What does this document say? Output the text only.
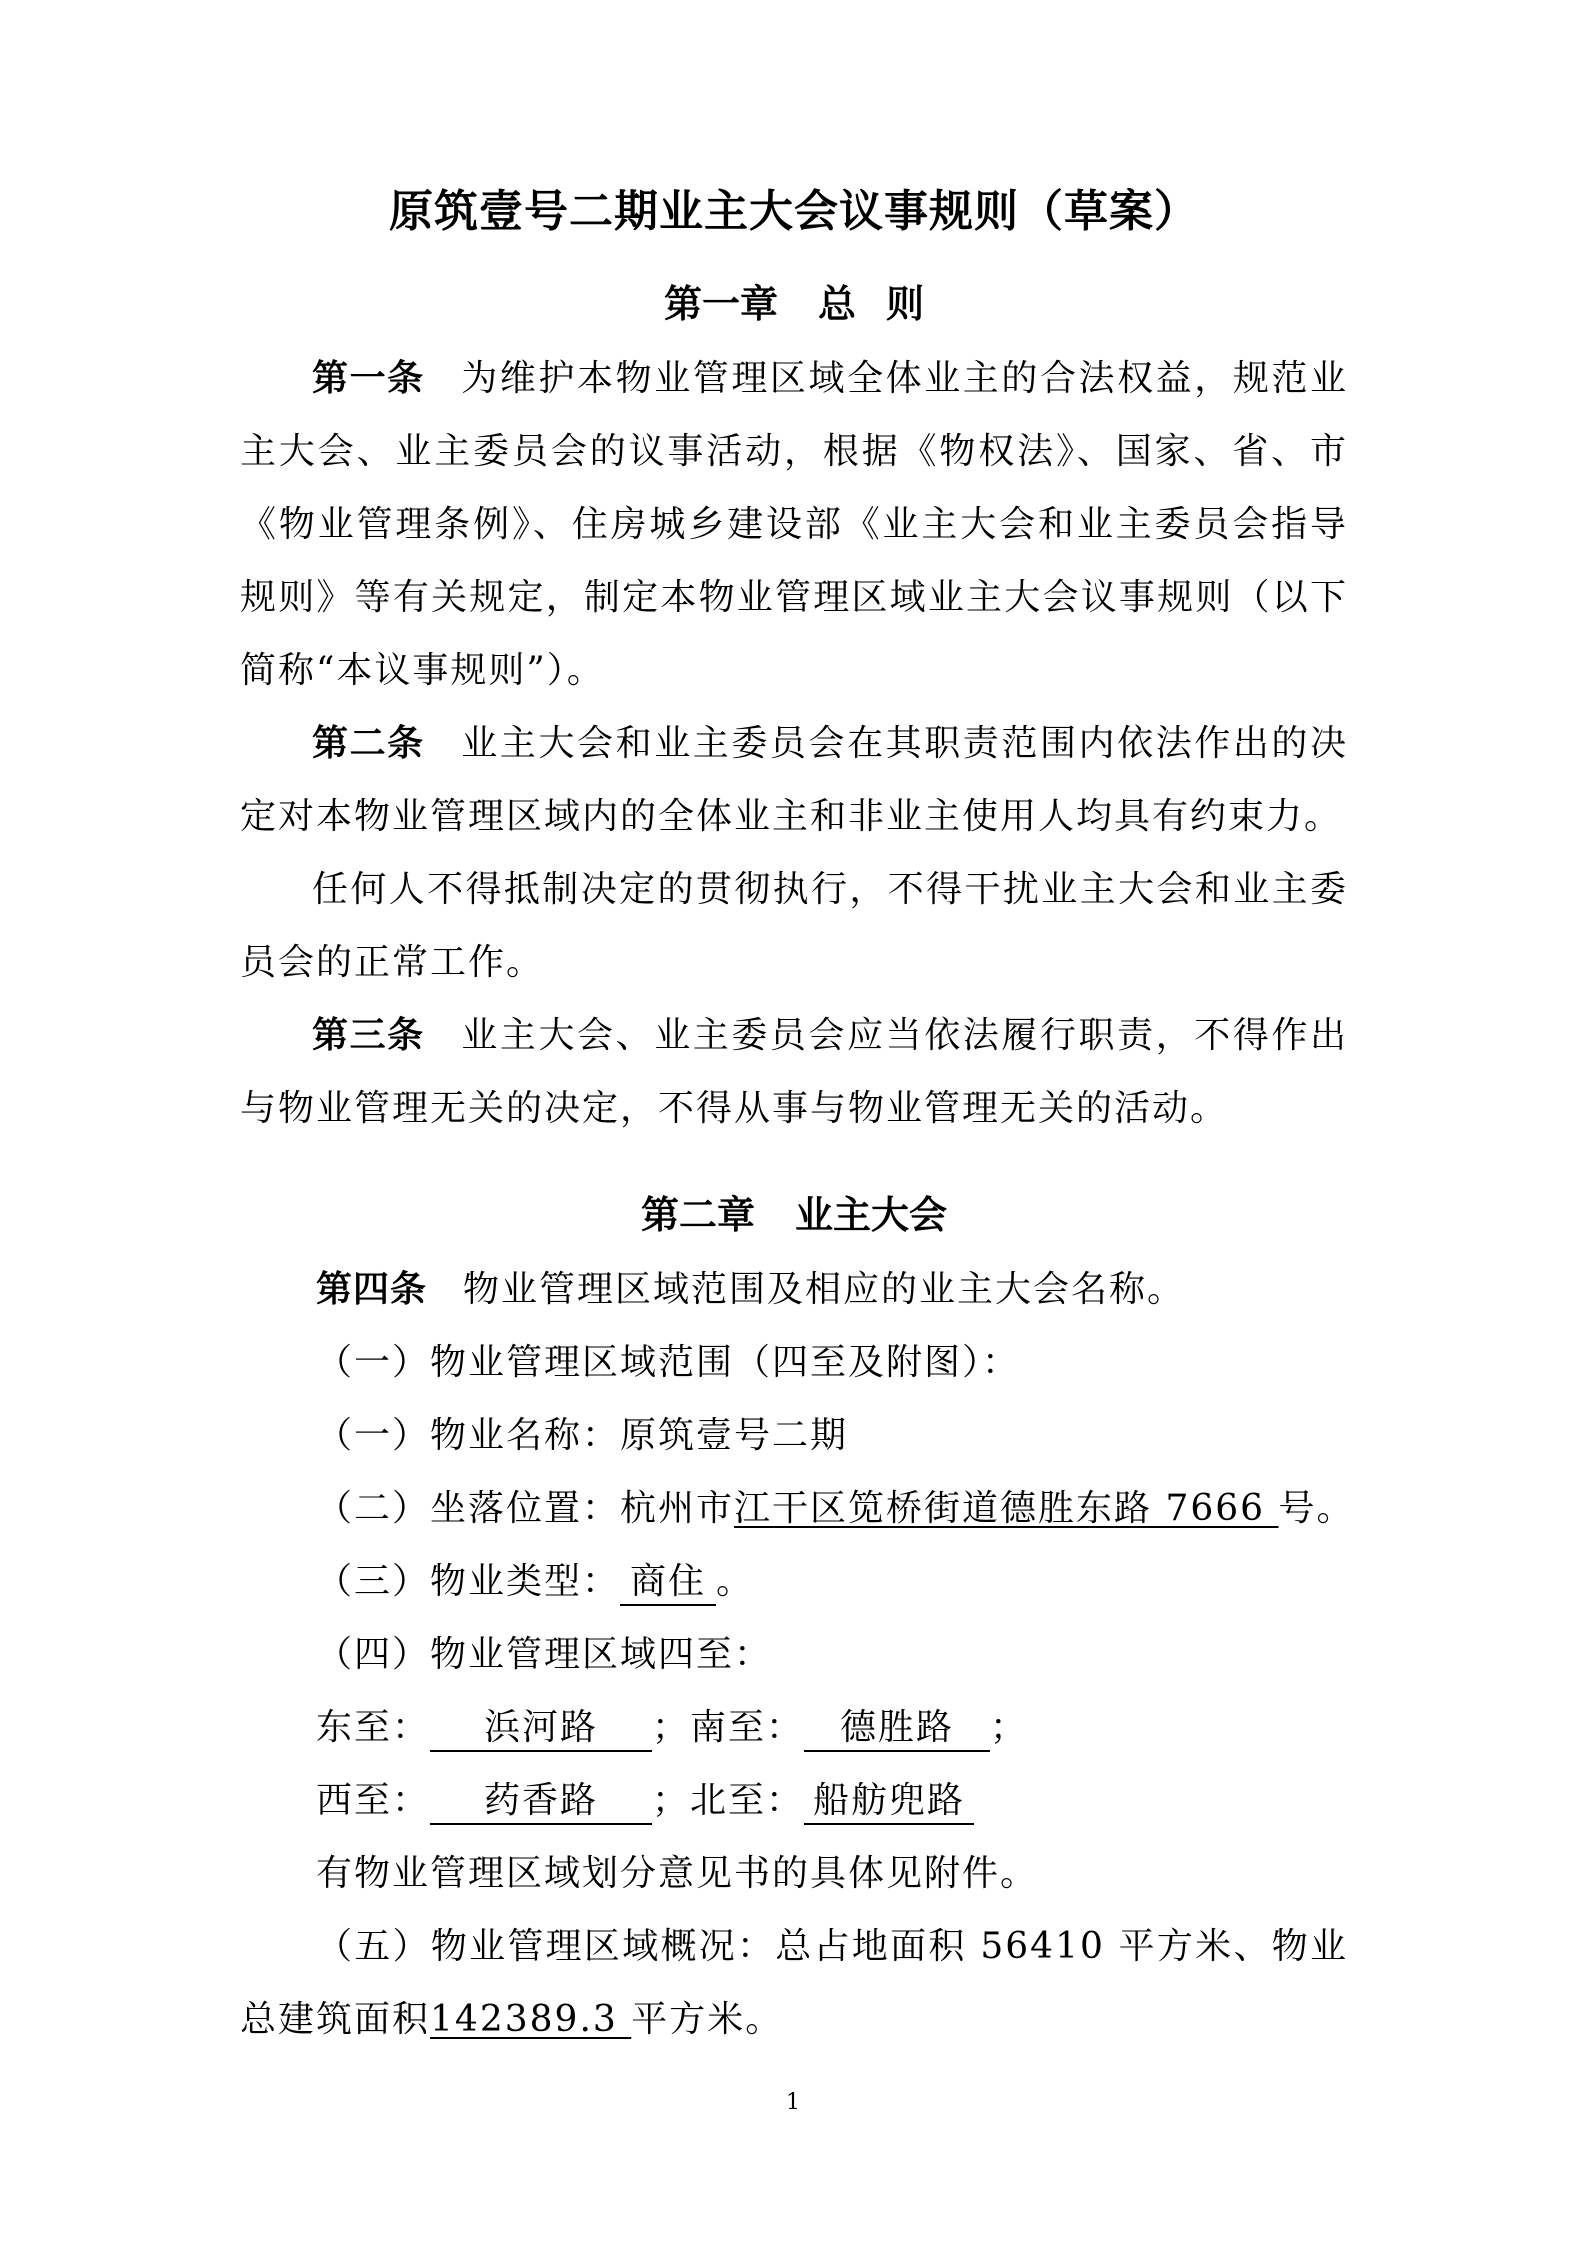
原筑壹号二期业主大会议事规则（草案）
第一章 总 则

第一条 为维护本物业管理区域全体业主的合法权益，规范业主大会、业主委员会的议事活动，根据《物权法》、国家、省、市《物业管理条例》、住房城乡建设部《业主大会和业主委员会指导规则》等有关规定，制定本物业管理区域业主大会议事规则（以下简称“本议事规则”）。

第二条 业主大会和业主委员会在其职责范围内依法作出的决定对本物业管理区域内的全体业主和非业主使用人均具有约束力。

任何人不得抵制决定的贯彻执行，不得干扰业主大会和业主委员会的正常工作。

第三条 业主大会、业主委员会应当依法履行职责，不得作出与物业管理无关的决定，不得从事与物业管理无关的活动。

第二章 业主大会

第四条 物业管理区域范围及相应的业主大会名称。

（一）物业管理区域范围（四至及附图）：

（一）物业名称：原筑壹号二期

（二）坐落位置：杭州市江干区笕桥街道德胜东路 7666 号。

（三）物业类型： 商住 。

（四）物业管理区域四至：

东至： 浜河路 ；南至： 德胜路 ；

西至： 药香路 ；北至： 船舫兜路

有物业管理区域划分意见书的具体见附件。

（五）物业管理区域概况：总占地面积 56410 平方米、物业总建筑面积142389.3 平方米。

1
